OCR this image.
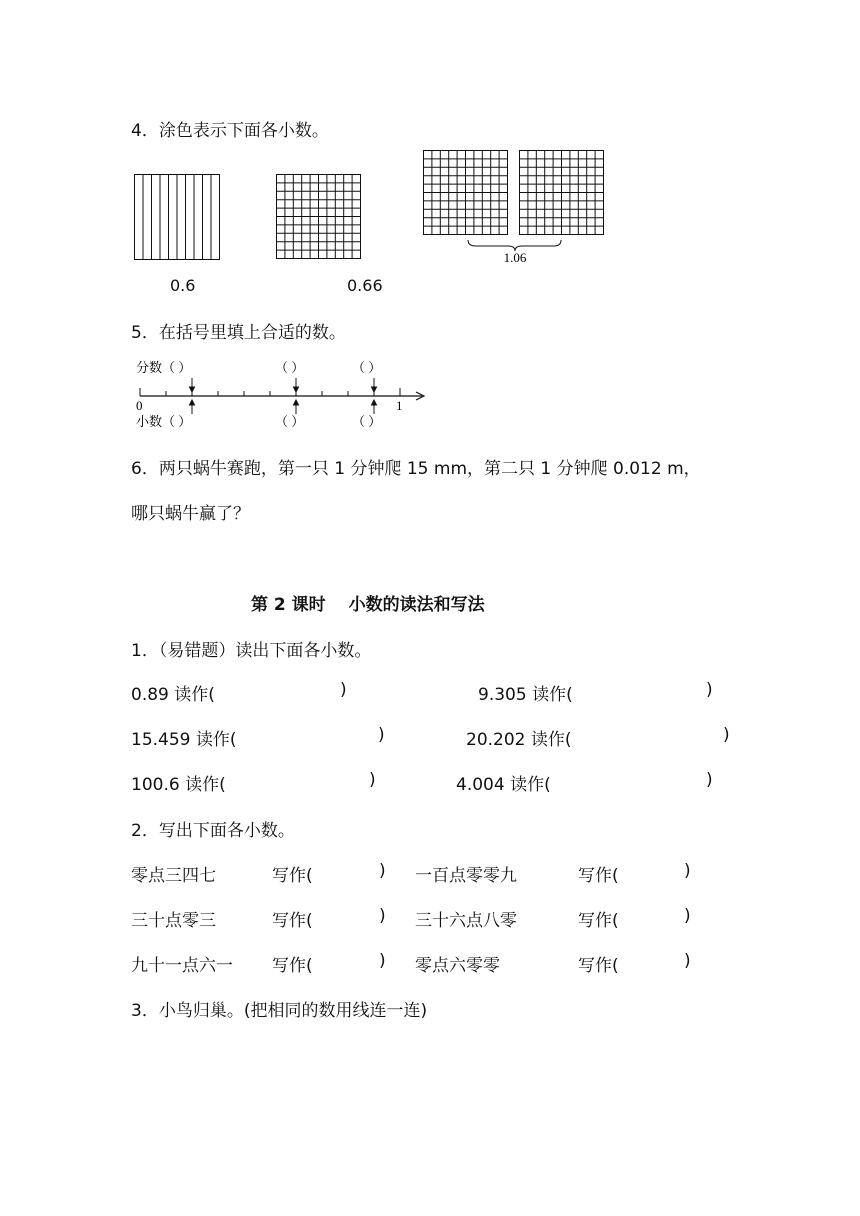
4．涂色表示下面各小数。
1.06
0.6	0.66
5．在括号里填上合适的数。
分数（ ）	（ ）	（ ）
0	1
小数（ ）	（ ）	（ ）
6．两只蜗牛赛跑，第一只 1 分钟爬 15 mm，第二只 1 分钟爬 0.012 m，
哪只蜗牛赢了？
第 2 课时　 小数的读法和写法
1．（易错题）读出下面各小数。
0.89 读作(	)	9.305 读作(	)
15.459 读作(	)	20.202 读作(	)
100.6 读作(	)	4.004 读作(	)
2．写出下面各小数。
零点三四七	写作(	) 一百点零零九	写作(	)
三十点零三	写作(	) 三十六点八零	写作(	)
九十一点六一 写作(	) 零点六零零	写作(	)
3．小鸟归巢。(把相同的数用线连一连)
